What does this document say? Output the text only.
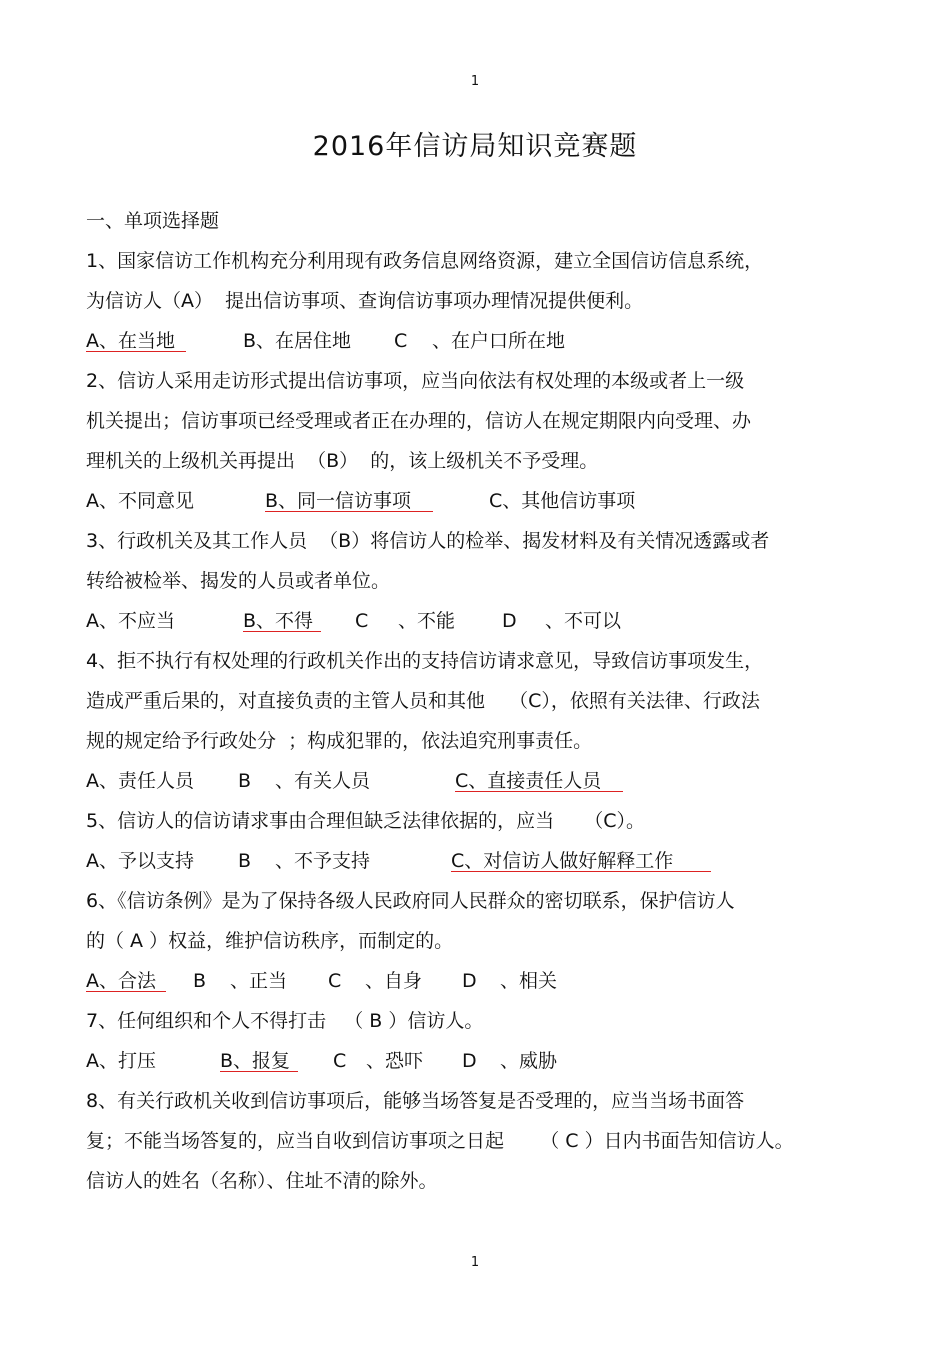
1
2016年信访局知识竞赛题
一、单项选择题
1、国家信访工作机构充分利用现有政务信息网络资源，建立全国信访信息系统，
为信访人（A）  提出信访事项、查询信访事项办理情况提供便利。
A、在当地	B、在居住地 C 、在户口所在地
2、信访人采用走访形式提出信访事项，应当向依法有权处理的本级或者上一级
机关提出；信访事项已经受理或者正在办理的，信访人在规定期限内向受理、办
理机关的上级机关再提出  （B）  的，该上级机关不予受理。
A、不同意见	B、同一信访事项	C、其他信访事项
3、行政机关及其工作人员  （B）将信访人的检举、揭发材料及有关情况透露或者
转给被检举、揭发的人员或者单位。
A、不应当	B、不得 C 、不能 D 、不可以
4、拒不执行有权处理的行政机关作出的支持信访请求意见，导致信访事项发生，
造成严重后果的，对直接负责的主管人员和其他    （C），依照有关法律、行政法
规的规定给予行政处分  ；构成犯罪的，依法追究刑事责任。
A、责任人员 B 、有关人员	C、直接责任人员
5、信访人的信访请求事由合理但缺乏法律依据的，应当     （C）。
A、予以支持 B 、不予支持	C、对信访人做好解释工作
6、《信访条例》是为了保持各级人民政府同人民群众的密切联系，保护信访人
的（ A ）权益，维护信访秩序，而制定的。
A、合法 B 、正当 C 、自身 D 、相关
7、任何组织和个人不得打击   （ B ）信访人。
A、打压	B、报复 C 、恐吓 D 、威胁
8、有关行政机关收到信访事项后，能够当场答复是否受理的，应当当场书面答
复；不能当场答复的，应当自收到信访事项之日起      （ C ）日内书面告知信访人。
信访人的姓名（名称）、住址不清的除外。
1
